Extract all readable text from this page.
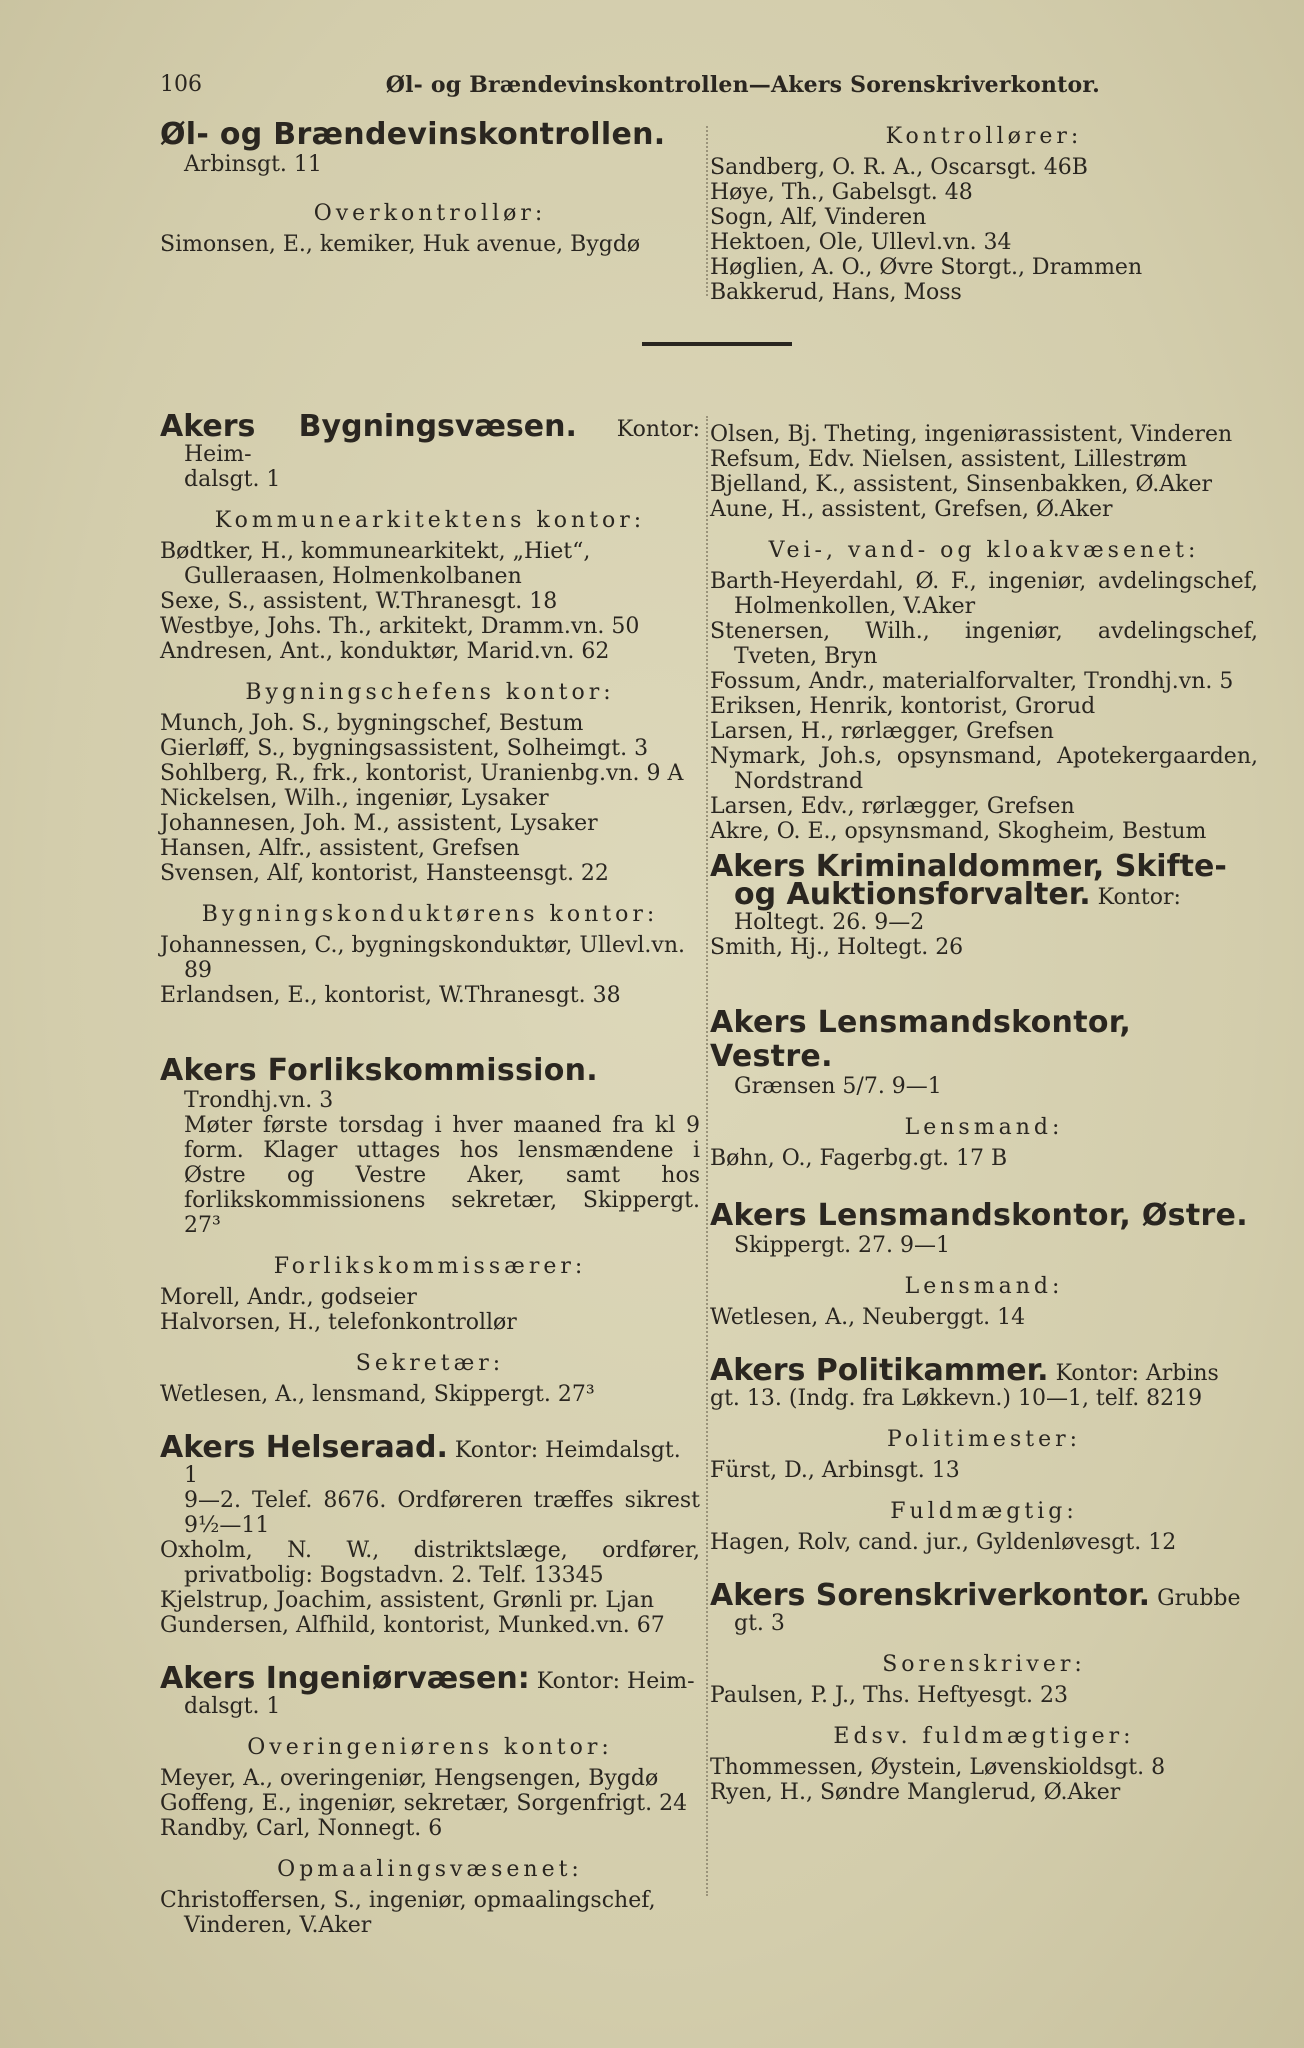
106	Øl- og Brændevinskontrollen—Akers Sorenskriverkontor.
Øl- og Brændevinskontrollen.
Arbinsgt. 11
Overkontrollør:
Simonsen, E., kemiker, Huk avenue, Bygdø
Kontrollører:
Sandberg, O. R. A., Oscarsgt. 46B
Høye, Th., Gabelsgt. 48
Sogn, Alf, Vinderen
Hektoen, Ole, Ullevl.vn. 34
Høglien, A. O., Øvre Storgt., Drammen
Bakkerud, Hans, Moss
Akers Bygningsvæsen. Kontor: Heim-
dalsgt. 1
Kommunearkitektens kontor:
Bødtker, H., kommunearkitekt, „Hiet“, Gulleraasen, Holmenkolbanen
Sexe, S., assistent, W.Thranesgt. 18
Westbye, Johs. Th., arkitekt, Dramm.vn. 50
Andresen, Ant., konduktør, Marid.vn. 62
Bygningschefens kontor:
Munch, Joh. S., bygningschef, Bestum
Gierløff, S., bygningsassistent, Solheimgt. 3
Sohlberg, R., frk., kontorist, Uranienbg.vn. 9 A
Nickelsen, Wilh., ingeniør, Lysaker
Johannesen, Joh. M., assistent, Lysaker
Hansen, Alfr., assistent, Grefsen
Svensen, Alf, kontorist, Hansteensgt. 22
Bygningskonduktørens kontor:
Johannessen, C., bygningskonduktør, Ullevl.vn. 89
Erlandsen, E., kontorist, W.Thranesgt. 38
Akers Forlikskommission.
Trondhj.vn. 3
Møter første torsdag i hver maaned fra kl 9 form. Klager uttages hos lensmændene i Østre og Vestre Aker, samt hos forlikskommissionens sekretær, Skippergt. 27³
Forlikskommissærer:
Morell, Andr., godseier
Halvorsen, H., telefonkontrollør
Sekretær:
Wetlesen, A., lensmand, Skippergt. 27³
Akers Helseraad. Kontor: Heimdalsgt. 1
9—2. Telef. 8676. Ordføreren træffes sikrest 9½—11
Oxholm, N. W., distriktslæge, ordfører, privatbolig: Bogstadvn. 2. Telf. 13345
Kjelstrup, Joachim, assistent, Grønli pr. Ljan
Gundersen, Alfhild, kontorist, Munked.vn. 67
Akers Ingeniørvæsen: Kontor: Heim-
dalsgt. 1
Overingeniørens kontor:
Meyer, A., overingeniør, Hengsengen, Bygdø
Goffeng, E., ingeniør, sekretær, Sorgenfrigt. 24
Randby, Carl, Nonnegt. 6
Opmaalingsvæsenet:
Christoffersen, S., ingeniør, opmaalingschef, Vinderen, V.Aker
Olsen, Bj. Theting, ingeniørassistent, Vinderen
Refsum, Edv. Nielsen, assistent, Lillestrøm
Bjelland, K., assistent, Sinsenbakken, Ø.Aker
Aune, H., assistent, Grefsen, Ø.Aker
Vei-, vand- og kloakvæsenet:
Barth-Heyerdahl, Ø. F., ingeniør, avdelingschef, Holmenkollen, V.Aker
Stenersen, Wilh., ingeniør, avdelingschef, Tveten, Bryn
Fossum, Andr., materialforvalter, Trondhj.vn. 5
Eriksen, Henrik, kontorist, Grorud
Larsen, H., rørlægger, Grefsen
Nymark, Joh.s, opsynsmand, Apotekergaarden, Nordstrand
Larsen, Edv., rørlægger, Grefsen
Akre, O. E., opsynsmand, Skogheim, Bestum
Akers Kriminaldommer, Skifte- og Auktionsforvalter. Kontor:
Holtegt. 26. 9—2
Smith, Hj., Holtegt. 26
Akers Lensmandskontor, Vestre.
Grænsen 5/7. 9—1
Lensmand:
Bøhn, O., Fagerbg.gt. 17 B
Akers Lensmandskontor, Østre.
Skippergt. 27. 9—1
Lensmand:
Wetlesen, A., Neuberggt. 14
Akers Politikammer. Kontor: Arbins
gt. 13. (Indg. fra Løkkevn.) 10—1, telf. 8219
Politimester:
Fürst, D., Arbinsgt. 13
Fuldmægtig:
Hagen, Rolv, cand. jur., Gyldenløvesgt. 12
Akers Sorenskriverkontor. Grubbe
gt. 3
Sorenskriver:
Paulsen, P. J., Ths. Heftyesgt. 23
Edsv. fuldmægtiger:
Thommessen, Øystein, Løvenskioldsgt. 8
Ryen, H., Søndre Manglerud, Ø.Aker
